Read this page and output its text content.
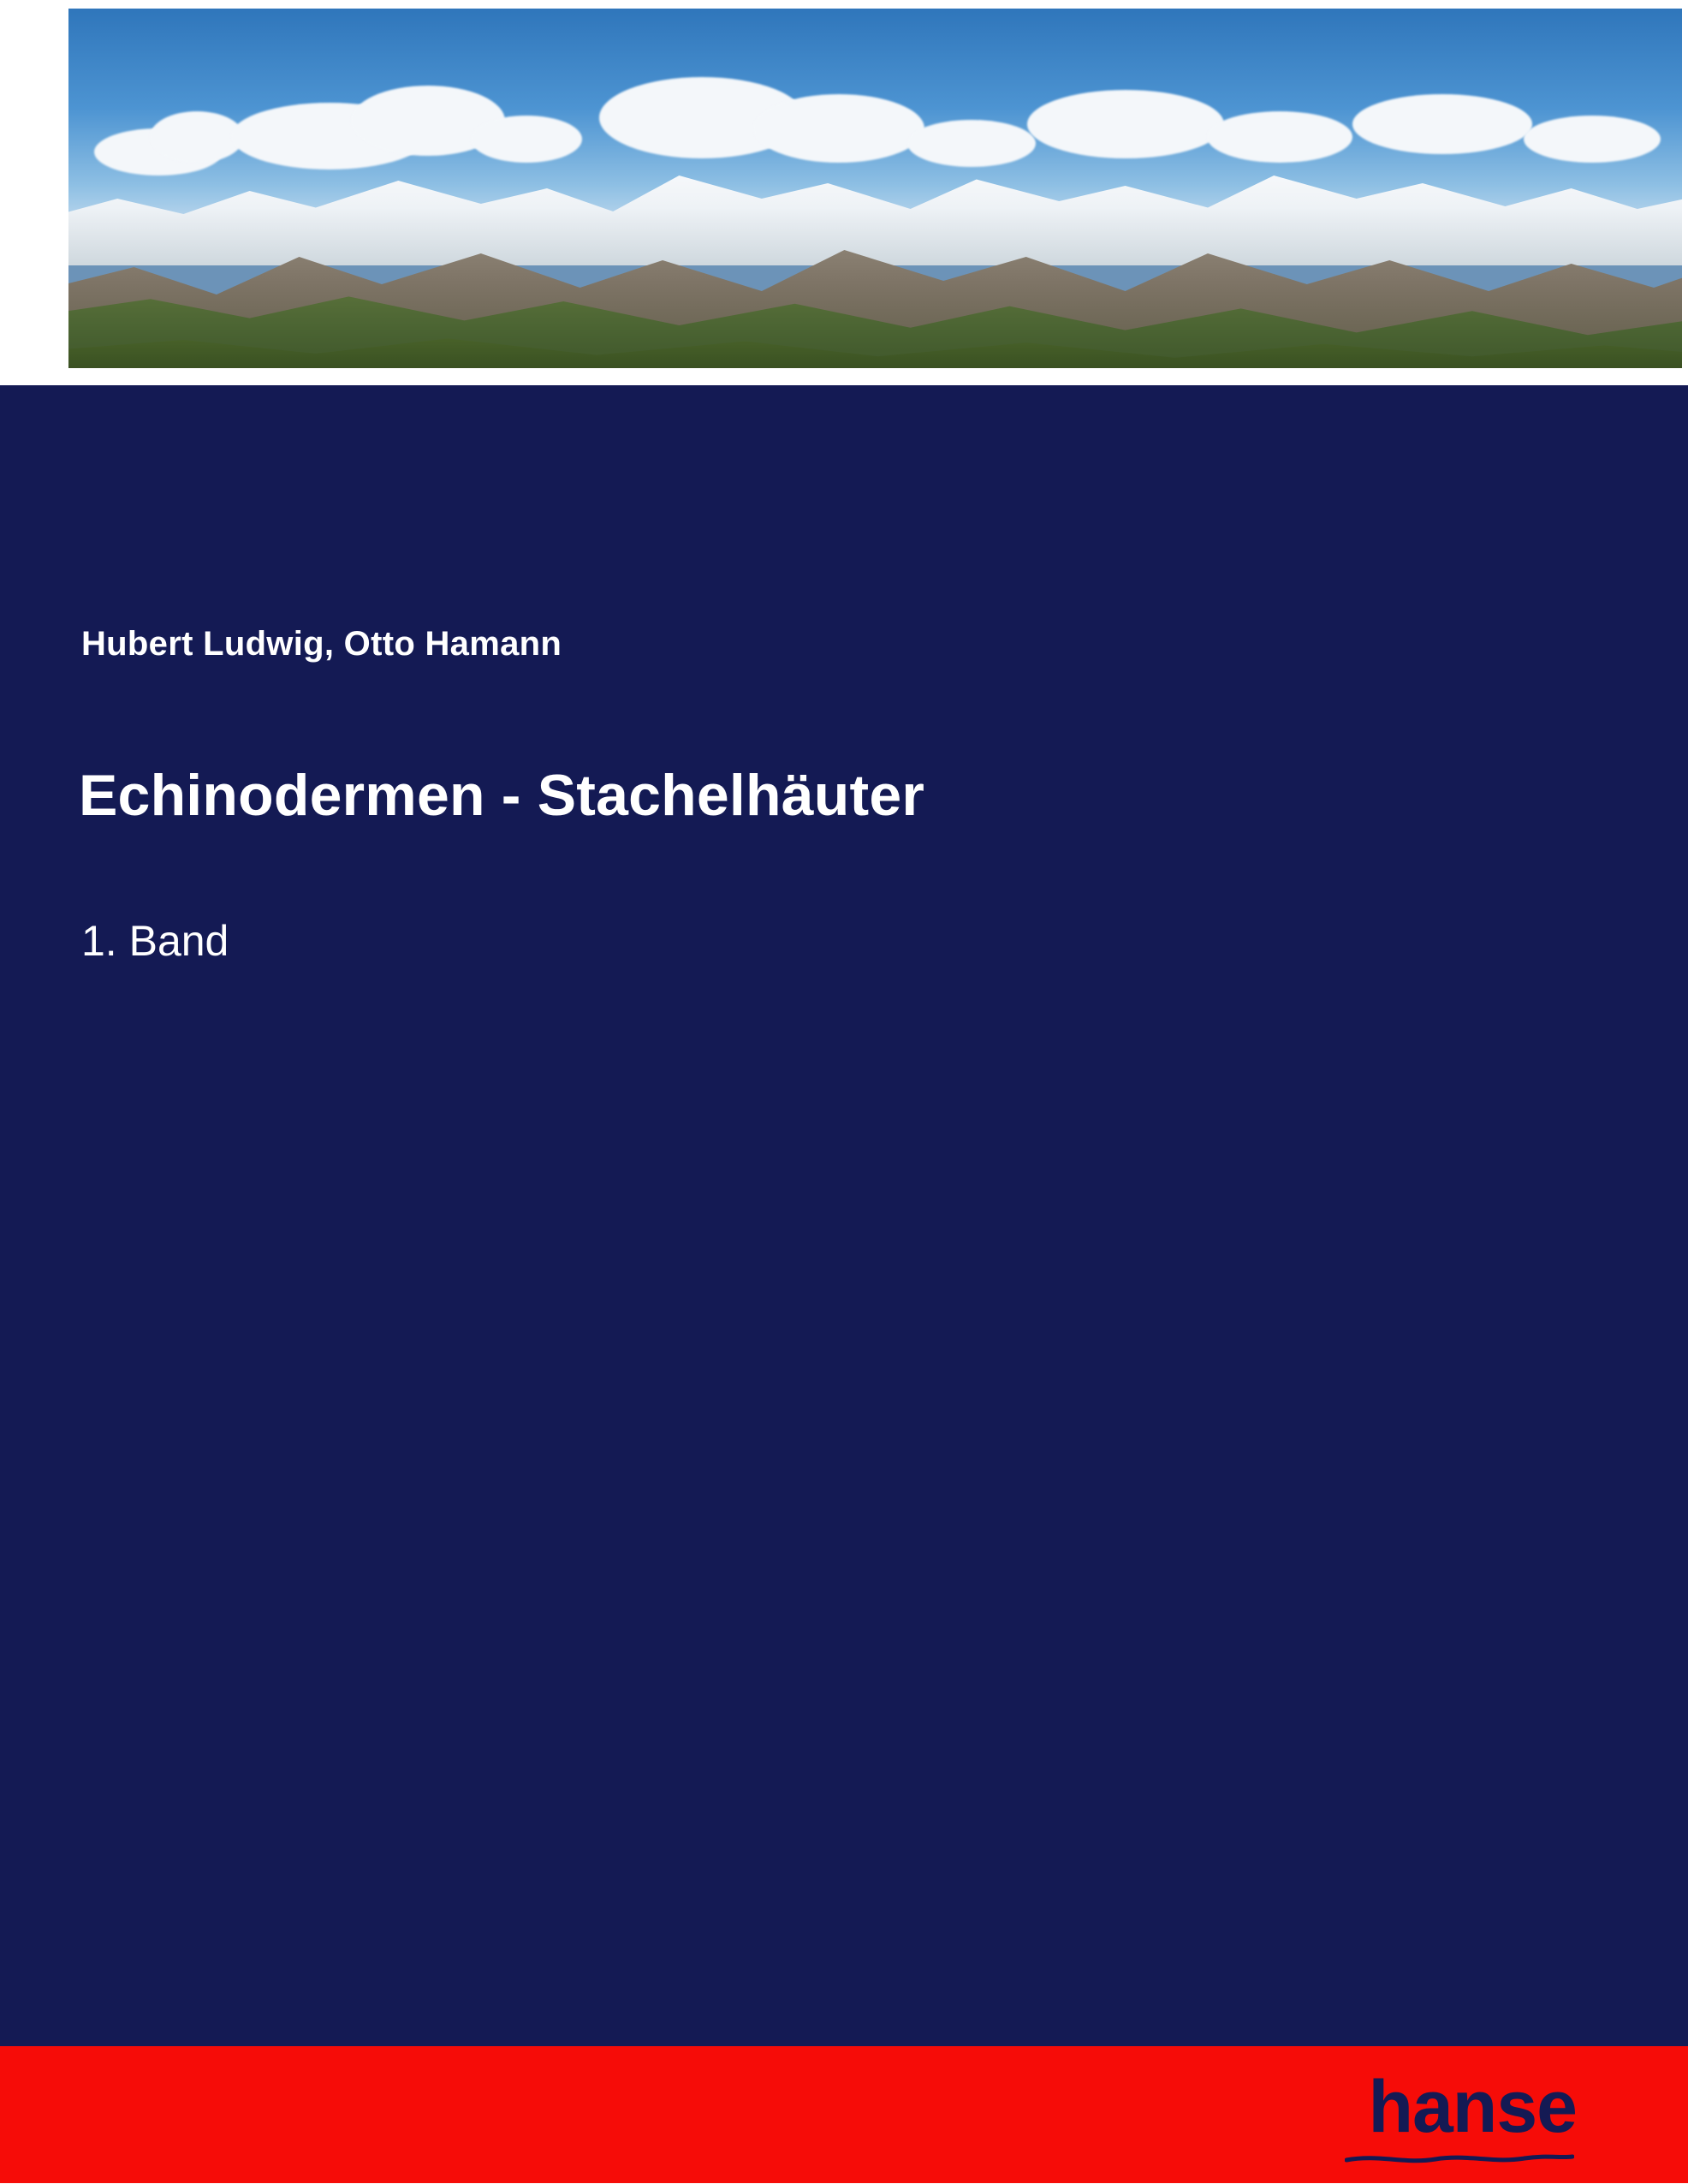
Hubert Ludwig, Otto Hamann
Echinodermen - Stachelhäuter
1. Band
hanse
